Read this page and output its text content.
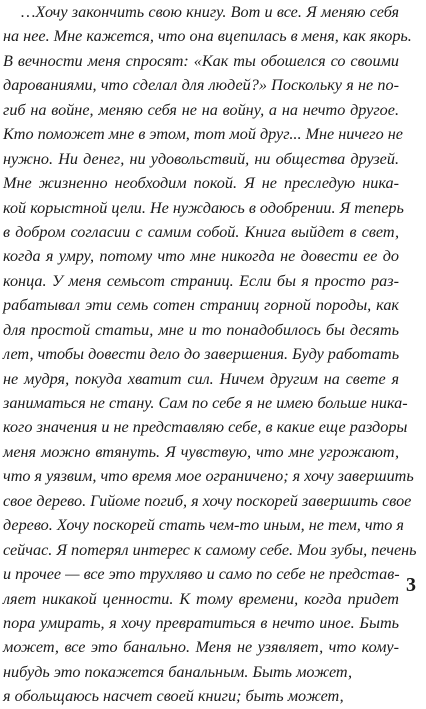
…Хочу закончить свою книгу. Вот и все. Я меняю себя
на нее. Мне кажется, что она вцепилась в меня, как якорь.
В вечности меня спросят: «Как ты обошелся со своими
дарованиями, что сделал для людей?» Поскольку я не по-
гиб на войне, меняю себя не на войну, а на нечто другое.
Кто поможет мне в этом, тот мой друг... Мне ничего не
нужно. Ни денег, ни удовольствий, ни общества друзей.
Мне жизненно необходим покой. Я не преследую ника-
кой корыстной цели. Не нуждаюсь в одобрении. Я теперь
в добром согласии с самим собой. Книга выйдет в свет,
когда я умру, потому что мне никогда не довести ее до
конца. У меня семьсот страниц. Если бы я просто раз-
рабатывал эти семь сотен страниц горной породы, как
для простой статьи, мне и то понадобилось бы десять
лет, чтобы довести дело до завершения. Буду работать
не мудря, покуда хватит сил. Ничем другим на свете я
заниматься не стану. Сам по себе я не имею больше ника-
кого значения и не представляю себе, в какие еще раздоры
меня можно втянуть. Я чувствую, что мне угрожают,
что я уязвим, что время мое ограничено; я хочу завершить
свое дерево. Гийоме погиб, я хочу поскорей завершить свое
дерево. Хочу поскорей стать чем-то иным, не тем, что я
сейчас. Я потерял интерес к самому себе. Мои зубы, печень
и прочее — все это трухляво и само по себе не представ-
ляет никакой ценности. К тому времени, когда придет
пора умирать, я хочу превратиться в нечто иное. Быть
может, все это банально. Меня не узявляет, что кому-
нибудь это покажется банальным. Быть может,
я обольщаюсь насчет своей книги; быть может,
3
